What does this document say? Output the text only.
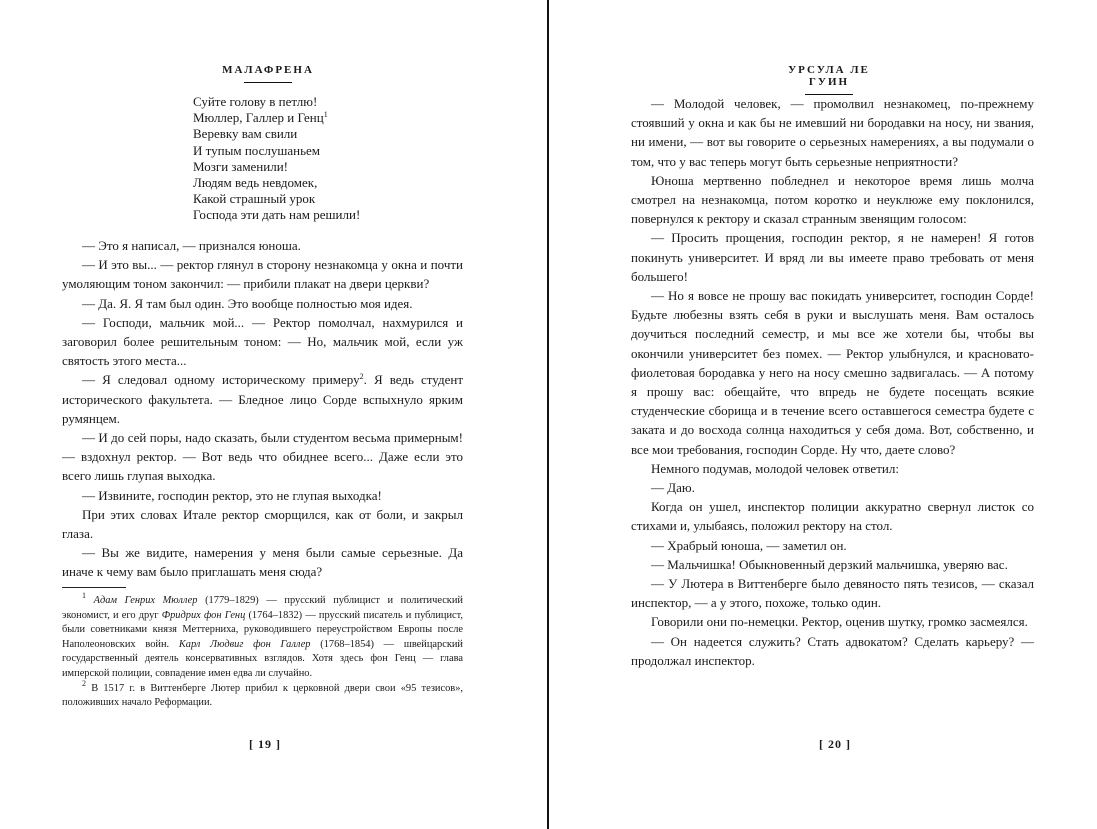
МАЛАФРЕНА
Суйте голову в петлю!
Мюллер, Галлер и Генц$^1$
Веревку вам свили
И тупым послушаньем
Мозги заменили!
Людям ведь невдомек,
Какой страшный урок
Господа эти дать нам решили!

— Это я написал, — признался юноша.

— И это вы... — ректор глянул в сторону незнакомца у окна и почти умоляющим тоном закончил: — прибили плакат на двери церкви?

— Да. Я. Я там был один. Это вообще полностью моя идея.

— Господи, мальчик мой... — Ректор помолчал, нахмурился и заговорил более решительным тоном: — Но, мальчик мой, если уж святость этого места...

— Я следовал одному историческому примеру$^2$. Я ведь студент исторического факультета. — Бледное лицо Сорде вспыхнуло ярким румянцем.

— И до сей поры, надо сказать, были студентом весьма примерным! — вздохнул ректор. — Вот ведь что обиднее всего... Даже если это всего лишь глупая выходка.

— Извините, господин ректор, это не глупая выходка!

При этих словах Итале ректор сморщился, как от боли, и закрыл глаза.

— Вы же видите, намерения у меня были самые серьезные. Да иначе к чему вам было приглашать меня сюда?

$^1$ Адам Генрих Мюллер (1779–1829) — прусский публицист и политический экономист, и его друг Фридрих фон Генц (1764–1832) — прусский писатель и публицист, были советниками князя Меттерниха, руководившего переустройством Европы после Наполеоновских войн. Карл Людвиг фон Галлер (1768–1854) — швейцарский государственный деятель консервативных взглядов. Хотя здесь фон Генц — глава имперской полиции, совпадение имен едва ли случайно.

$^2$ В 1517 г. в Виттенберге Лютер прибил к церковной двери свои «95 тезисов», положивших начало Реформации.

[ 19 ]
УРСУЛА ЛЕ ГУИН

— Молодой человек, — промолвил незнакомец, по-прежнему стоявший у окна и как бы не имевший ни бородавки на носу, ни звания, ни имени, — вот вы говорите о серьезных намерениях, а вы подумали о том, что у вас теперь могут быть серьезные неприятности?

Юноша мертвенно побледнел и некоторое время лишь молча смотрел на незнакомца, потом коротко и неуклюже ему поклонился, повернулся к ректору и сказал странным звенящим голосом:

— Просить прощения, господин ректор, я не намерен! Я готов покинуть университет. И вряд ли вы имеете право требовать от меня большего!

— Но я вовсе не прошу вас покидать университет, господин Сорде! Будьте любезны взять себя в руки и выслушать меня. Вам осталось доучиться последний семестр, и мы все же хотели бы, чтобы вы окончили университет без помех. — Ректор улыбнулся, и красновато-фиолетовая бородавка у него на носу смешно задвигалась. — А потому я прошу вас: обещайте, что впредь не будете посещать всякие студенческие сборища и в течение всего оставшегося семестра будете с заката и до восхода солнца находиться у себя дома. Вот, собственно, и все мои требования, господин Сорде. Ну что, даете слово?

Немного подумав, молодой человек ответил:

— Даю.

Когда он ушел, инспектор полиции аккуратно свернул листок со стихами и, улыбаясь, положил ректору на стол.

— Храбрый юноша, — заметил он.

— Мальчишка! Обыкновенный дерзкий мальчишка, уверяю вас.

— У Лютера в Виттенберге было девяносто пять тезисов, — сказал инспектор, — а у этого, похоже, только один.

Говорили они по-немецки. Ректор, оценив шутку, громко засмеялся.

— Он надеется служить? Стать адвокатом? Сделать карьеру? — продолжал инспектор.

[ 20 ]
